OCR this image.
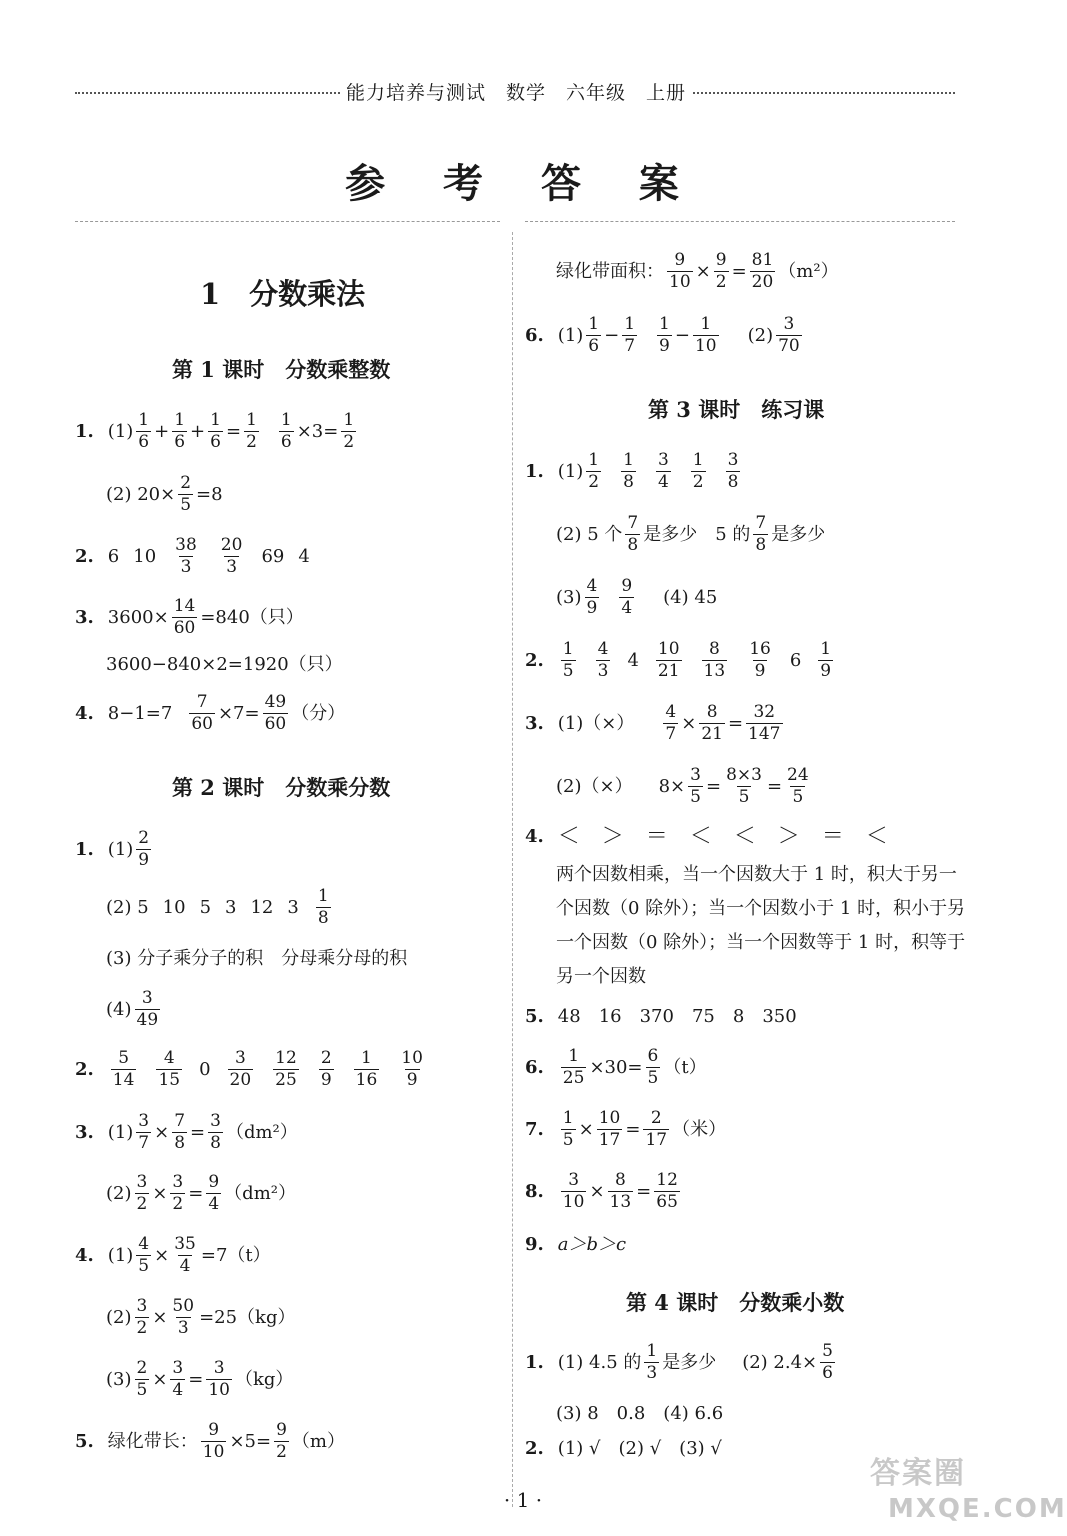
能力培养与测试　数学　六年级　上册
参 考 答 案
1　分数乘法
第 1 课时　分数乘整数
1. $(1) \frac{1}{6} + \frac{1}{6} + \frac{1}{6} = \frac{1}{2} \frac{1}{6} \times 3= \frac{1}{2}$
(2) $20\times \frac{2}{5} =8$
2. 6 $10 \frac{38}{3} \frac{20}{3} 69$ 4
3. $3600\times \frac{14}{60} =840$（只）
3600−840×2=1920（只）
4. $8-1=7 \frac{7}{60} \times 7= \frac{49}{60}$ （分）
第 2 课时　分数乘分数
1. $(1) \frac{2}{9}$
(2) 5 10 5 3 12 $3 \frac{1}{8}$
(3) 分子乘分子的积　分母乘分母的积
$(4) \frac{3}{49}$
2. $\frac{5}{14} \frac{4}{15} 0 \frac{3}{20} \frac{12}{25} \frac{2}{9} \frac{1}{16} \frac{10}{9}$
3. $(1) \frac{3}{7} \times \frac{7}{8} = \frac{3}{8} (dm^2)$
$(2) \frac{3}{2} \times \frac{3}{2} = \frac{9}{4} (dm^2)$
4. $(1) \frac{4}{5} \times \frac{35}{4} =7(t)$
$(2) \frac{3}{2} \times \frac{50}{3} =25(kg)$
$(3) \frac{2}{5} \times \frac{3}{4} = \frac{3}{10} (kg)$
5. 绿化带长： $\frac{9}{10} \times 5= \frac{9}{2} (m)$
绿化带面积： $\frac{9}{10} \times \frac{9}{2} = \frac{81}{20} (m^2)$
6. $(1) \frac{1}{6} - \frac{1}{7} \frac{1}{9} - \frac{1}{10} (2) \frac{3}{70}$
第 3 课时　练习课
1. $(1) \frac{1}{2} \frac{1}{8} \frac{3}{4} \frac{1}{2} \frac{3}{8}$
(2) 5 个 $\frac{7}{8}$ 是多少　5 的 $\frac{7}{8}$ 是多少
$(3) \frac{4}{9} \frac{9}{4} (4)$ 45
2. $\frac{1}{5} \frac{4}{3} 4 \frac{10}{21} \frac{8}{13} \frac{16}{9} 6 \frac{1}{9}$
3. $(1)(\times) \frac{4}{7} \times \frac{8}{21} = \frac{32}{147}$
(2)（×） $8\times \frac{3}{5} = \frac{8\times 3}{5} = \frac{24}{5}$
4. ＜　＞　＝　＜　＜　＞　＝　＜
两个因数相乘，当一个因数大于 1 时，积大于另一个因数（0 除外）；当一个因数小于 1 时，积小于另一个因数（0 除外）；当一个因数等于 1 时，积等于另一个因数
5. 48　16　370　75　8　350
6. $\frac{1}{25} \times 30= \frac{6}{5} (t)$
7. $\frac{1}{5} \times \frac{10}{17} = \frac{2}{17}$ （米）
8. $\frac{3}{10} \times \frac{8}{13} = \frac{12}{65}$
9. a＞b＞c
第 4 课时　分数乘小数
1. (1) 4.5 的 $\frac{1}{3}$ 是多少 (2) $2.4\times \frac{5}{6}$
(3) 8　0.8　(4) 6.6
2. (1) √　(2) √　(3) √
· 1 ·
答案圈
MXQE.COM
